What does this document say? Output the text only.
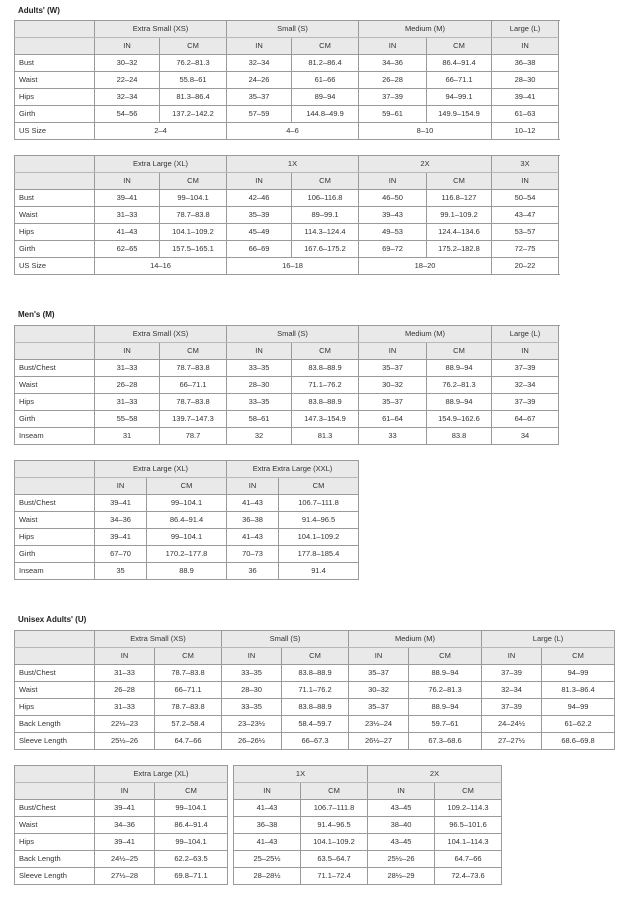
Adults' (W)
Men's (M)
Unisex Adults' (U)
	Extra Small (XS)		Small (S)		Medium (M)		Large (L)	
	IN	CM	IN	CM	IN	CM	IN	
Bust	30–32	76.2–81.3	32–34	81.2–86.4	34–36	86.4–91.4	36–38	
Waist	22–24	55.8–61	24–26	61–66	26–28	66–71.1	28–30	
Hips	32–34	81.3–86.4	35–37	89–94	37–39	94–99.1	39–41	
Girth	54–56	137.2–142.2	57–59	144.8–49.9	59–61	149.9–154.9	61–63	
US Size	2–4		4–6		8–10		10–12	
	Extra Large (XL)		1X		2X		3X	
	IN	CM	IN	CM	IN	CM	IN	
Bust	39–41	99–104.1	42–46	106–116.8	46–50	116.8–127	50–54	
Waist	31–33	78.7–83.8	35–39	89–99.1	39–43	99.1–109.2	43–47	
Hips	41–43	104.1–109.2	45–49	114.3–124.4	49–53	124.4–134.6	53–57	
Girth	62–65	157.5–165.1	66–69	167.6–175.2	69–72	175.2–182.8	72–75	
US Size	14–16		16–18		18–20		20–22	
	Extra Small (XS)		Small (S)		Medium (M)		Large (L)	
	IN	CM	IN	CM	IN	CM	IN	
Bust/Chest	31–33	78.7–83.8	33–35	83.8–88.9	35–37	88.9–94	37–39	
Waist	26–28	66–71.1	28–30	71.1–76.2	30–32	76.2–81.3	32–34	
Hips	31–33	78.7–83.8	33–35	83.8–88.9	35–37	88.9–94	37–39	
Girth	55–58	139.7–147.3	58–61	147.3–154.9	61–64	154.9–162.6	64–67	
Inseam	31	78.7	32	81.3	33	83.8	34	
	Extra Large (XL)		Extra Extra Large (XXL)	
	IN	CM	IN	CM
Bust/Chest	39–41	99–104.1	41–43	106.7–111.8
Waist	34–36	86.4–91.4	36–38	91.4–96.5
Hips	39–41	99–104.1	41–43	104.1–109.2
Girth	67–70	170.2–177.8	70–73	177.8–185.4
Inseam	35	88.9	36	91.4
	Extra Small (XS)		Small (S)		Medium (M)		Large (L)	
	IN	CM	IN	CM	IN	CM	IN	CM
Bust/Chest	31–33	78.7–83.8	33–35	83.8–88.9	35–37	88.9–94	37–39	94–99
Waist	26–28	66–71.1	28–30	71.1–76.2	30–32	76.2–81.3	32–34	81.3–86.4
Hips	31–33	78.7–83.8	33–35	83.8–88.9	35–37	88.9–94	37–39	94–99
Back Length	22½–23	57.2–58.4	23–23½	58.4–59.7	23½–24	59.7–61	24–24½	61–62.2
Sleeve Length	25½–26	64.7–66	26–26½	66–67.3	26½–27	67.3–68.6	27–27½	68.6–69.8
	Extra Large (XL)	
	IN	CM
Bust/Chest	39–41	99–104.1
Waist	34–36	86.4–91.4
Hips	39–41	99–104.1
Back Length	24½–25	62.2–63.5
Sleeve Length	27½–28	69.8–71.1
1X		2X	
IN	CM	IN	CM
41–43	106.7–111.8	43–45	109.2–114.3
36–38	91.4–96.5	38–40	96.5–101.6
41–43	104.1–109.2	43–45	104.1–114.3
25–25½	63.5–64.7	25½–26	64.7–66
28–28½	71.1–72.4	28½–29	72.4–73.6
